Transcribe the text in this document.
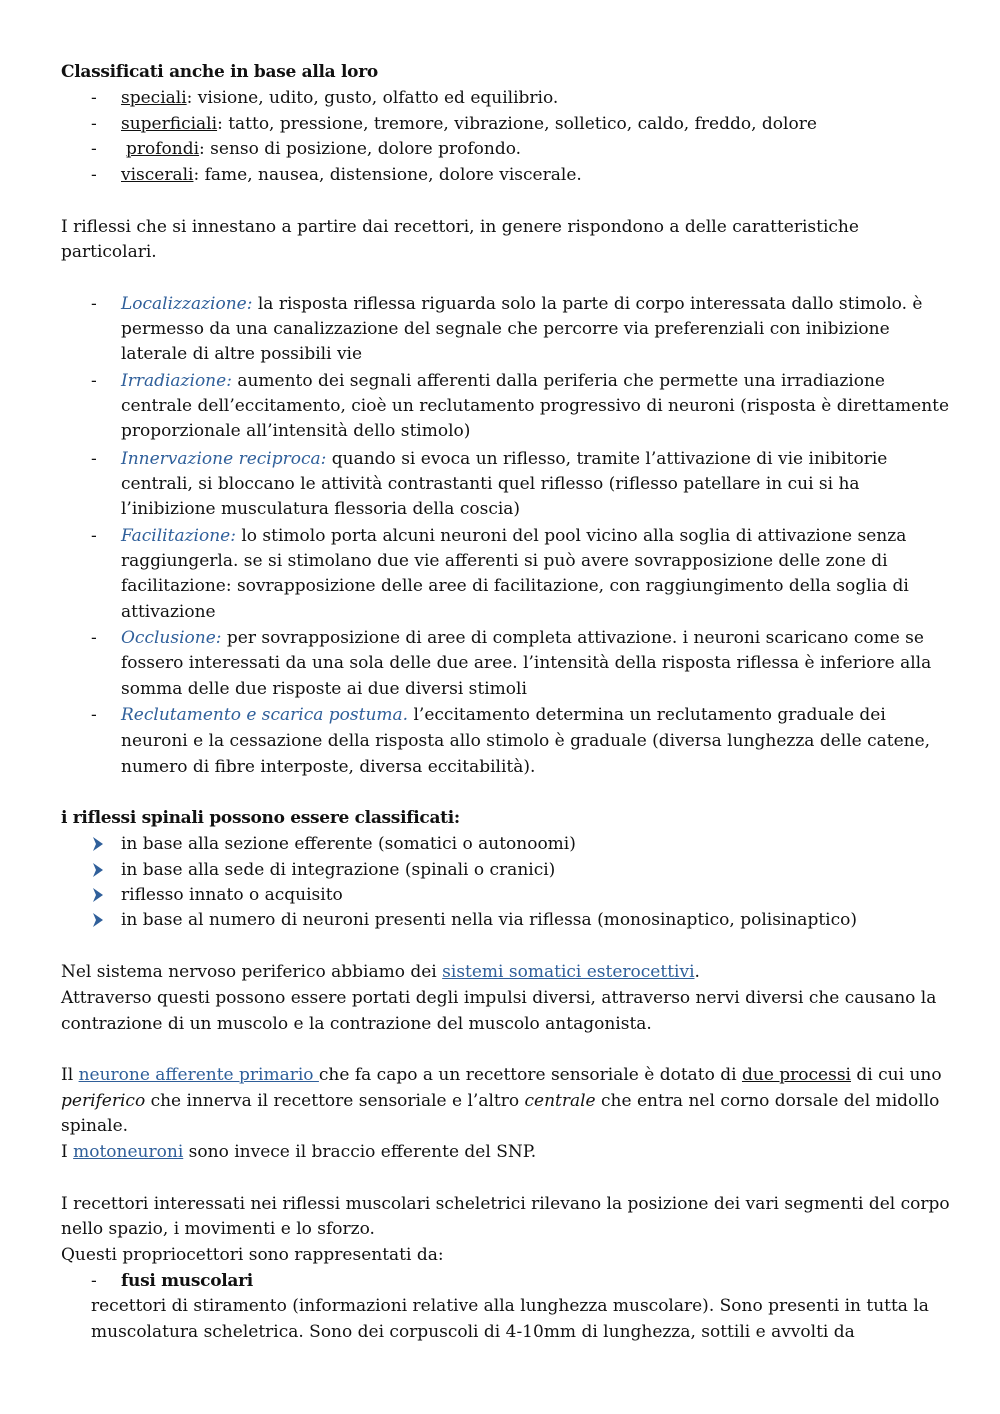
Classificati anche in base alla loro
- speciali: visione, udito, gusto, olfatto ed equilibrio.
- superficiali: tatto, pressione, tremore, vibrazione, solletico, caldo, freddo, dolore
- profondi: senso di posizione, dolore profondo.
- viscerali: fame, nausea, distensione, dolore viscerale.
I riflessi che si innestano a partire dai recettori, in genere rispondono a delle caratteristiche
particolari.
- Localizzazione: la risposta riflessa riguarda solo la parte di corpo interessata dallo stimolo. è
permesso da una canalizzazione del segnale che percorre via preferenziali con inibizione
laterale di altre possibili vie
- Irradiazione: aumento dei segnali afferenti dalla periferia che permette una irradiazione
centrale dell’eccitamento, cioè un reclutamento progressivo di neuroni (risposta è direttamente
proporzionale all’intensità dello stimolo)
- Innervazione reciproca: quando si evoca un riflesso, tramite l’attivazione di vie inibitorie
centrali, si bloccano le attività contrastanti quel riflesso (riflesso patellare in cui si ha
l’inibizione musculatura flessoria della coscia)
- Facilitazione: lo stimolo porta alcuni neuroni del pool vicino alla soglia di attivazione senza
raggiungerla. se si stimolano due vie afferenti si può avere sovrapposizione delle zone di
facilitazione: sovrapposizione delle aree di facilitazione, con raggiungimento della soglia di
attivazione
- Occlusione: per sovrapposizione di aree di completa attivazione. i neuroni scaricano come se
fossero interessati da una sola delle due aree. l’intensità della risposta riflessa è inferiore alla
somma delle due risposte ai due diversi stimoli
- Reclutamento e scarica postuma. l’eccitamento determina un reclutamento graduale dei
neuroni e la cessazione della risposta allo stimolo è graduale (diversa lunghezza delle catene,
numero di fibre interposte, diversa eccitabilità).
i riflessi spinali possono essere classificati:
in base alla sezione efferente (somatici o autonoomi)
in base alla sede di integrazione (spinali o cranici)
riflesso innato o acquisito
in base al numero di neuroni presenti nella via riflessa (monosinaptico, polisinaptico)
Nel sistema nervoso periferico abbiamo dei sistemi somatici esterocettivi.
Attraverso questi possono essere portati degli impulsi diversi, attraverso nervi diversi che causano la
contrazione di un muscolo e la contrazione del muscolo antagonista.
Il neurone afferente primario che fa capo a un recettore sensoriale è dotato di due processi di cui uno
periferico che innerva il recettore sensoriale e l’altro centrale che entra nel corno dorsale del midollo
spinale.
I motoneuroni sono invece il braccio efferente del SNP.
I recettori interessati nei riflessi muscolari scheletrici rilevano la posizione dei vari segmenti del corpo
nello spazio, i movimenti e lo sforzo.
Questi propriocettori sono rappresentati da:
- fusi muscolari
recettori di stiramento (informazioni relative alla lunghezza muscolare). Sono presenti in tutta la
muscolatura scheletrica. Sono dei corpuscoli di 4-10mm di lunghezza, sottili e avvolti da
